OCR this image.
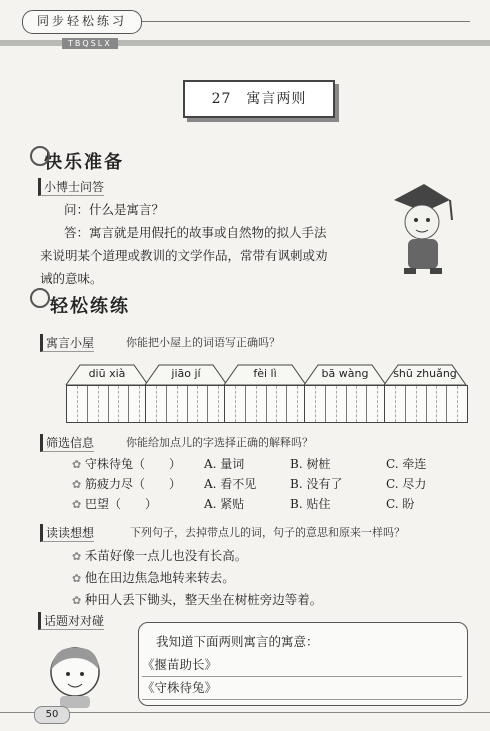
同步轻松练习
TBQSLX
27　寓言两则
快乐准备
小博士问答
问：什么是寓言？
答：寓言就是用假托的故事或自然物的拟人手法
来说明某个道理或教训的文学作品，常带有讽刺或劝
诫的意味。
轻松练练
寓言小屋	你能把小屋上的词语写正确吗？
diū xià	jiāo jí	fèi lì	bā wàng	shū zhuǎng
筛选信息	你能给加点儿的字选择正确的解释吗？
✿ 守株待兔（　　） A. 量词	B. 树桩	C. 牵连
✿ 筋疲力尽（　　） A. 看不见	B. 没有了	C. 尽力
✿ 巴望（　　）	A. 紧贴	B. 贴住	C. 盼
读读想想	下列句子，去掉带点儿的词，句子的意思和原来一样吗？
✿ 禾苗好像一点儿也没有长高。
✿ 他在田边焦急地转来转去。
✿ 种田人丢下锄头，整天坐在树桩旁边等着。
话题对对碰
我知道下面两则寓言的寓意：
《揠苗助长》
《守株待兔》
50
